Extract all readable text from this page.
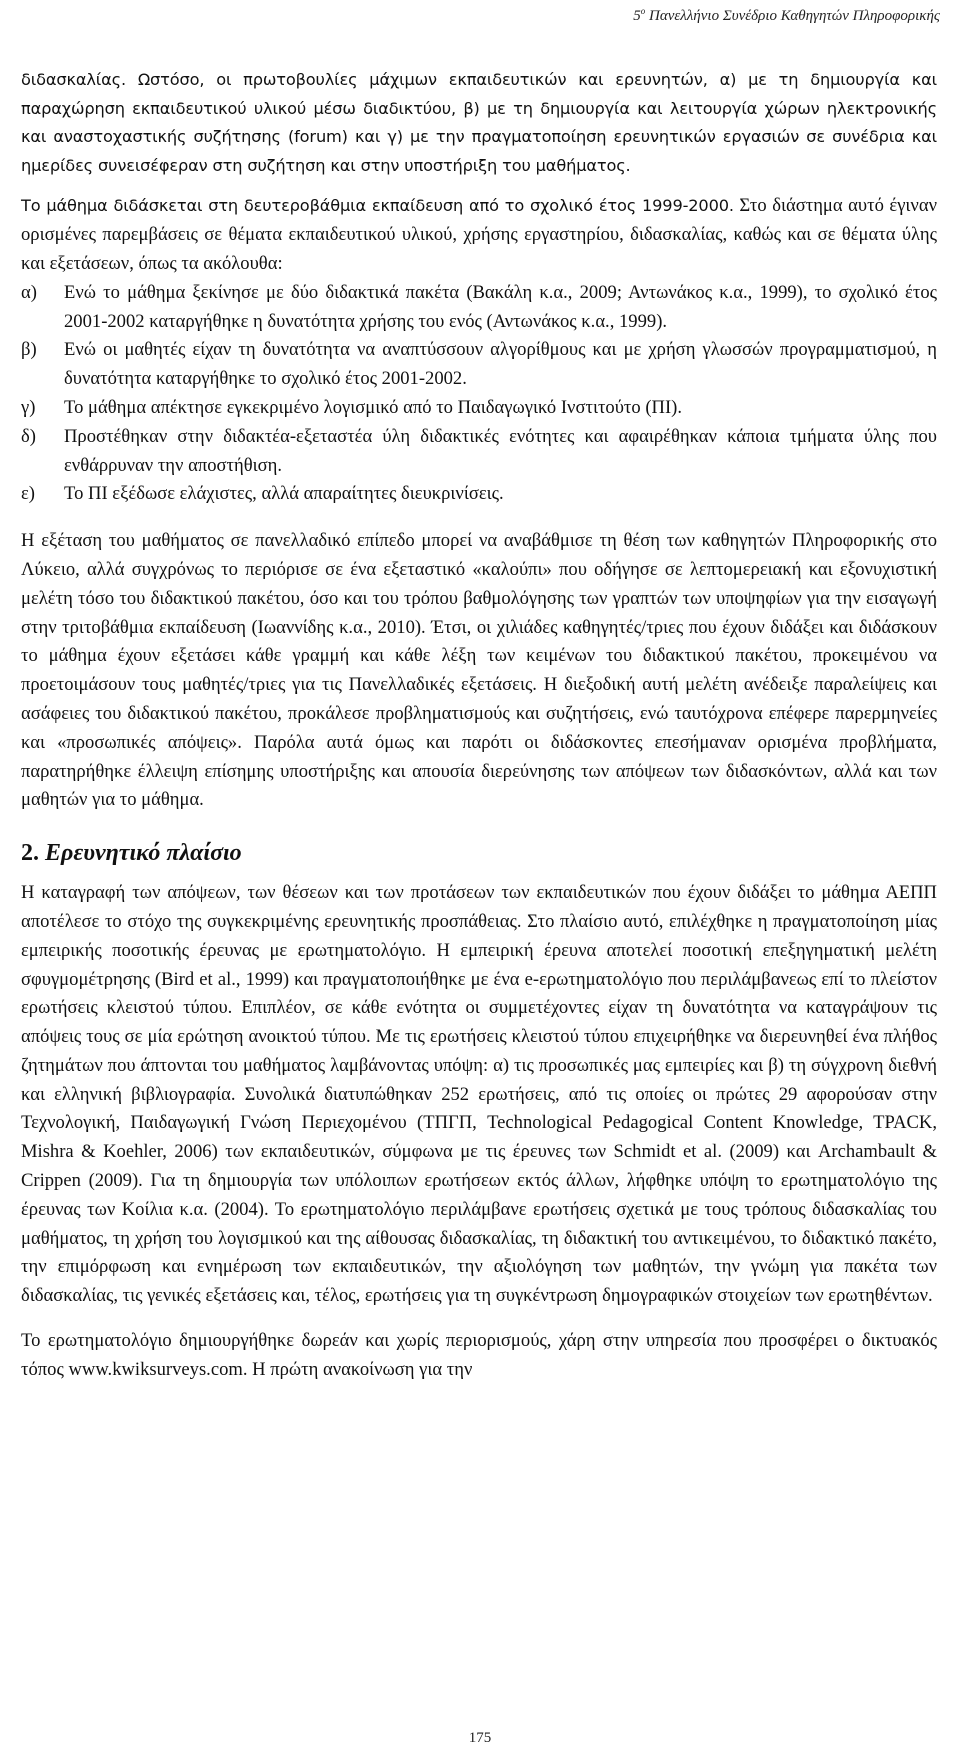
$5^o$ Πανελλήνιο Συνέδριο Καθηγητών Πληροφορικής

διδασκαλίας. Ωστόσο, οι πρωτοβουλίες μάχιμων εκπαιδευτικών και ερευνητών, α) με τη δημιουργία και παραχώρηση εκπαιδευτικού υλικού μέσω διαδικτύου, β) με τη δημιουργία και λειτουργία χώρων ηλεκτρονικής και αναστοχαστικής συζήτησης (forum) και γ) με την πραγματοποίηση ερευνητικών εργασιών σε συνέδρια και ημερίδες συνεισέφεραν στη συζήτηση και στην υποστήριξη του μαθήματος.

Το μάθημα διδάσκεται στη δευτεροβάθμια εκπαίδευση από το σχολικό έτος 1999-2000. Στο διάστημα αυτό έγιναν ορισμένες παρεμβάσεις σε θέματα εκπαιδευτικού υλικού, χρήσης εργαστηρίου, διδασκαλίας, καθώς και σε θέματα ύλης και εξετάσεων, όπως τα ακόλουθα:

α) Ενώ το μάθημα ξεκίνησε με δύο διδακτικά πακέτα (Βακάλη κ.α., 2009; Αντωνάκος κ.α., 1999), το σχολικό έτος 2001-2002 καταργήθηκε η δυνατότητα χρήσης του ενός (Αντωνάκος κ.α., 1999).
β) Ενώ οι μαθητές είχαν τη δυνατότητα να αναπτύσσουν αλγορίθμους και με χρήση γλωσσών προγραμματισμού, η δυνατότητα καταργήθηκε το σχολικό έτος 2001-2002.
γ) Το μάθημα απέκτησε εγκεκριμένο λογισμικό από το Παιδαγωγικό Ινστιτούτο (ΠΙ).
δ) Προστέθηκαν στην διδακτέα-εξεταστέα ύλη διδακτικές ενότητες και αφαιρέθηκαν κάποια τμήματα ύλης που ενθάρρυναν την αποστήθιση.
ε) Το ΠΙ εξέδωσε ελάχιστες, αλλά απαραίτητες διευκρινίσεις.

Η εξέταση του μαθήματος σε πανελλαδικό επίπεδο μπορεί να αναβάθμισε τη θέση των καθηγητών Πληροφορικής στο Λύκειο, αλλά συγχρόνως το περιόρισε σε ένα εξεταστικό «καλούπι» που οδήγησε σε λεπτομερειακή και εξονυχιστική μελέτη τόσο του διδακτικού πακέτου, όσο και του τρόπου βαθμολόγησης των γραπτών των υποψηφίων για την εισαγωγή στην τριτοβάθμια εκπαίδευση (Ιωαννίδης κ.α., 2010). Έτσι, οι χιλιάδες καθηγητές/τριες που έχουν διδάξει και διδάσκουν το μάθημα έχουν εξετάσει κάθε γραμμή και κάθε λέξη των κειμένων του διδακτικού πακέτου, προκειμένου να προετοιμάσουν τους μαθητές/τριες για τις Πανελλαδικές εξετάσεις. Η διεξοδική αυτή μελέτη ανέδειξε παραλείψεις και ασάφειες του διδακτικού πακέτου, προκάλεσε προβληματισμούς και συζητήσεις, ενώ ταυτόχρονα επέφερε παρερμηνείες και «προσωπικές απόψεις». Παρόλα αυτά όμως και παρότι οι διδάσκοντες επεσήμαναν ορισμένα προβλήματα, παρατηρήθηκε έλλειψη επίσημης υποστήριξης και απουσία διερεύνησης των απόψεων των διδασκόντων, αλλά και των μαθητών για το μάθημα.

2. Ερευνητικό πλαίσιο

Η καταγραφή των απόψεων, των θέσεων και των προτάσεων των εκπαιδευτικών που έχουν διδάξει το μάθημα ΑΕΠΠ αποτέλεσε το στόχο της συγκεκριμένης ερευνητικής προσπάθειας. Στο πλαίσιο αυτό, επιλέχθηκε η πραγματοποίηση μίας εμπειρικής ποσοτικής έρευνας με ερωτηματολόγιο. Η εμπειρική έρευνα αποτελεί ποσοτική επεξηγηματική μελέτη σφυγμομέτρησης (Bird et al., 1999) και πραγματοποιήθηκε με ένα e-ερωτηματολόγιο που περιλάμβανεως επί το πλείστον ερωτήσεις κλειστού τύπου. Επιπλέον, σε κάθε ενότητα οι συμμετέχοντες είχαν τη δυνατότητα να καταγράψουν τις απόψεις τους σε μία ερώτηση ανοικτού τύπου. Με τις ερωτήσεις κλειστού τύπου επιχειρήθηκε να διερευνηθεί ένα πλήθος ζητημάτων που άπτονται του μαθήματος λαμβάνοντας υπόψη: α) τις προσωπικές μας εμπειρίες και β) τη σύγχρονη διεθνή και ελληνική βιβλιογραφία. Συνολικά διατυπώθηκαν 252 ερωτήσεις, από τις οποίες οι πρώτες 29 αφορούσαν στην Τεχνολογική, Παιδαγωγική Γνώση Περιεχομένου (ΤΠΓΠ, Technological Pedagogical Content Knowledge, TPACK, Mishra & Koehler, 2006) των εκπαιδευτικών, σύμφωνα με τις έρευνες των Schmidt et al. (2009) και Archambault & Crippen (2009). Για τη δημιουργία των υπόλοιπων ερωτήσεων εκτός άλλων, λήφθηκε υπόψη το ερωτηματολόγιο της έρευνας των Κοίλια κ.α. (2004). Το ερωτηματολόγιο περιλάμβανε ερωτήσεις σχετικά με τους τρόπους διδασκαλίας του μαθήματος, τη χρήση του λογισμικού και της αίθουσας διδασκαλίας, τη διδακτική του αντικειμένου, το διδακτικό πακέτο, την επιμόρφωση και ενημέρωση των εκπαιδευτικών, την αξιολόγηση των μαθητών, την γνώμη για πακέτα των διδασκαλίας, τις γενικές εξετάσεις και, τέλος, ερωτήσεις για τη συγκέντρωση δημογραφικών στοιχείων των ερωτηθέντων.

Το ερωτηματολόγιο δημιουργήθηκε δωρεάν και χωρίς περιορισμούς, χάρη στην υπηρεσία που προσφέρει ο δικτυακός τόπος www.kwiksurveys.com. Η πρώτη ανακοίνωση για την

175
